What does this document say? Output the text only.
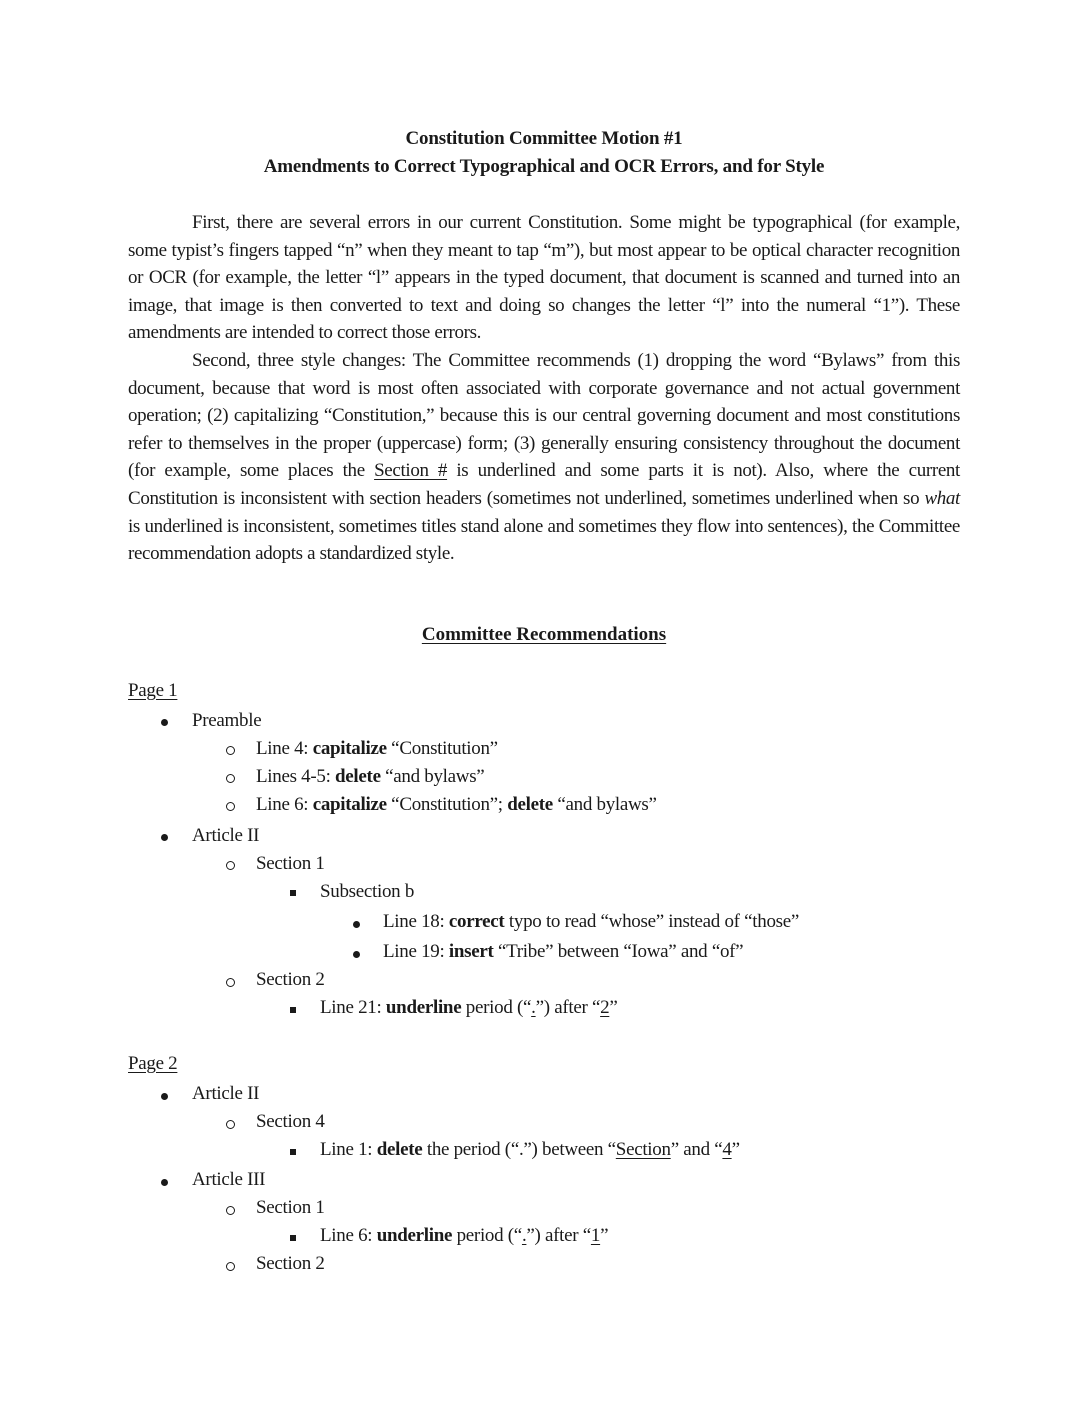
Constitution Committee Motion #1
Amendments to Correct Typographical and OCR Errors, and for Style
First, there are several errors in our current Constitution. Some might be typographical (for example, some typist’s fingers tapped “n” when they meant to tap “m”), but most appear to be optical character recognition or OCR (for example, the letter “l” appears in the typed document, that document is scanned and turned into an image, that image is then converted to text and doing so changes the letter “l” into the numeral “1”). These amendments are intended to correct those errors.
Second, three style changes: The Committee recommends (1) dropping the word “Bylaws” from this document, because that word is most often associated with corporate governance and not actual government operation; (2) capitalizing “Constitution,” because this is our central governing document and most constitutions refer to themselves in the proper (uppercase) form; (3) generally ensuring consistency throughout the document (for example, some places the Section # is underlined and some parts it is not). Also, where the current Constitution is inconsistent with section headers (sometimes not underlined, sometimes underlined when so what is underlined is inconsistent, sometimes titles stand alone and sometimes they flow into sentences), the Committee recommendation adopts a standardized style.
Committee Recommendations
Page 1
Preamble
Line 4: capitalize “Constitution”
Lines 4-5: delete “and bylaws”
Line 6: capitalize “Constitution”; delete “and bylaws”
Article II
Section 1
Subsection b
Line 18: correct typo to read “whose” instead of “those”
Line 19: insert “Tribe” between “Iowa” and “of”
Section 2
Line 21: underline period (“.”) after “2”
Page 2
Article II
Section 4
Line 1: delete the period (“.”) between “Section” and “4”
Article III
Section 1
Line 6: underline period (“.”) after “1”
Section 2
